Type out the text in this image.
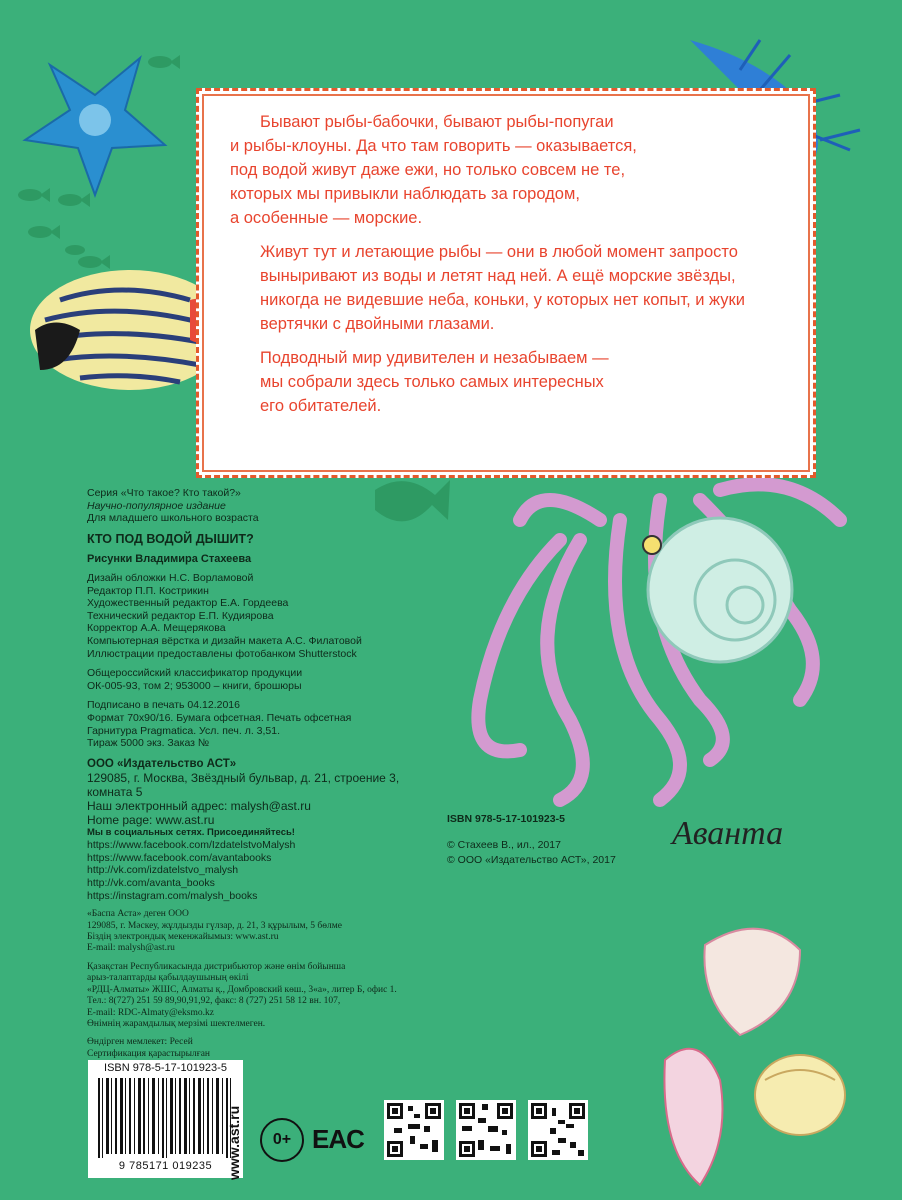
Бывают рыбы-бабочки, бывают рыбы-попугаи
и рыбы-клоуны. Да что там говорить — оказывается,
под водой живут даже ежи, но только совсем не те,
которых мы привыкли наблюдать за городом,
а особенные — морские.

Живут тут и летающие рыбы — они в любой момент запросто
выныривают из воды и летят над ней. А ещё морские звёзды,
никогда не видевшие неба, коньки, у которых нет копыт, и жуки
вертячки с двойными глазами.

Подводный мир удивителен и незабываем —
мы собрали здесь только самых интересных
его обитателей.

Серия «Что такое? Кто такой?»
Научно-популярное издание
Для младшего школьного возраста
КТО ПОД ВОДОЙ ДЫШИТ?
Рисунки Владимира Стахеева
Дизайн обложки Н.С. Ворламовой
Редактор П.П. Кострикин
Художественный редактор Е.А. Гордеева
Технический редактор Е.П. Кудиярова
Корректор А.А. Мещерякова
Компьютерная вёрстка и дизайн макета А.С. Филатовой
Иллюстрации предоставлены фотобанком Shutterstock
Общероссийский классификатор продукции
ОК-005-93, том 2; 953000 – книги, брошюры
Подписано в печать 04.12.2016
Формат 70х90/16. Бумага офсетная. Печать офсетная
Гарнитура Pragmatica. Усл. печ. л. 3,51.
Тираж 5000 экз. Заказ №
ООО «Издательство АСТ»
129085, г. Москва, Звёздный бульвар, д. 21, строение 3,
комната 5
Наш электронный адрес: malysh@ast.ru
Home page: www.ast.ru
Мы в социальных сетях. Присоединяйтесь!
https://www.facebook.com/IzdatelstvoMalysh
https://www.facebook.com/avantabooks
http://vk.com/izdatelstvo_malysh
http://vk.com/avanta_books
https://instagram.com/malysh_books
«Баспа Аста» деген ООО
129085, г. Мәскеу, жұлдызды гүлзар, д. 21, 3 құрылым, 5 бөлме
Біздің электрондық мекенжайымыз: www.ast.ru
E-mail: malysh@ast.ru
Қазақстан Республикасында дистрибьютор және өнім бойынша
арыз-талаптарды қабылдаушының өкілі
«РДЦ-Алматы» ЖШС, Алматы қ., Домбровский көш., 3«а», литер Б, офис 1.
Тел.: 8(727) 251 59 89,90,91,92, факс: 8 (727) 251 58 12 вн. 107,
E-mail: RDC-Almaty@eksmo.kz
Өнімнің жарамдылық мерзімі шектелмеген.
Өндірген мемлекет: Ресей
Сертификация қарастырылған
ISBN 978-5-17-101923-5
© Стахеев В., ил., 2017
© ООО «Издательство АСТ», 2017
Аванта
ISBN 978-5-17-101923-5
9 785171 019235 www.ast.ru	0+ EAC
